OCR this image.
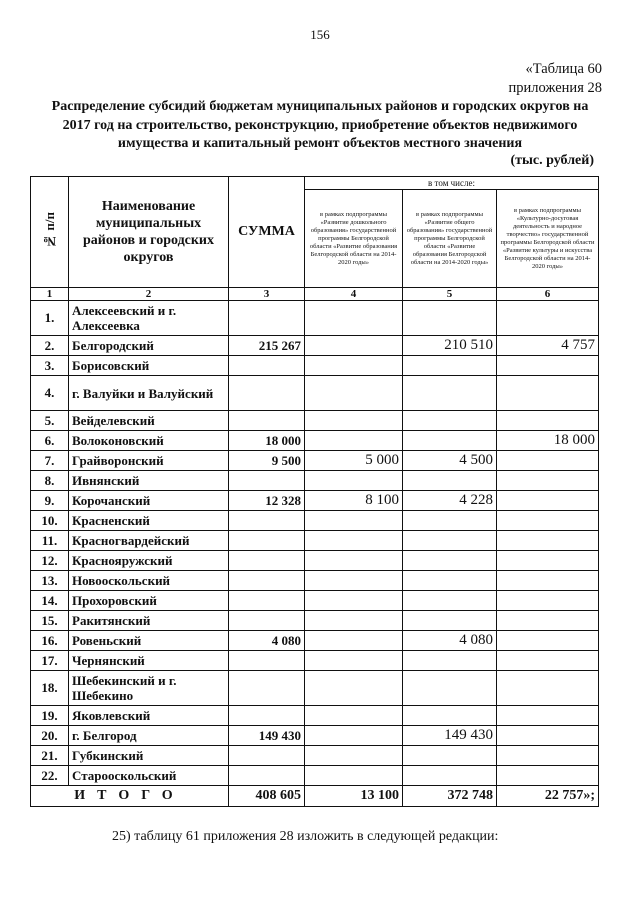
156
«Таблица 60
приложения 28
Распределение субсидий бюджетам муниципальных районов и городских округов на 2017 год на строительство, реконструкцию, приобретение объектов недвижимого имущества и капитальный ремонт объектов местного значения
(тыс. рублей)
№ п/п	Наименование муниципальных районов и городских округов	СУММА	в том числе:		
			в рамках подпрограммы «Развитие дошкольного образования» государственной программы Белгородской области «Развитие образования Белгородской области на 2014-2020 годы»	в рамках подпрограммы «Развитие общего образования» государственной программы Белгородской области «Развитие образования Белгородской области на 2014-2020 годы»	в рамках подпрограммы «Культурно-досуговая деятельность и народное творчество» государственной программы Белгородской области «Развитие культуры и искусства Белгородской области на 2014-2020 годы»
1	2	3	4	5	6
1.	Алексеевский и г. Алексеевка				
2.	Белгородский	215 267		210 510	4 757
3.	Борисовский				
4.	г. Валуйки и Валуйский				
5.	Вейделевский				
6.	Волоконовский	18 000			18 000
7.	Грайворонский	9 500	5 000	4 500	
8.	Ивнянский				
9.	Корочанский	12 328	8 100	4 228	
10.	Красненский				
11.	Красногвардейский				
12.	Краснояружский				
13.	Новооскольский				
14.	Прохоровский				
15.	Ракитянский				
16.	Ровеньский	4 080		4 080	
17.	Чернянский				
18.	Шебекинский и г. Шебекино				
19.	Яковлевский				
20.	г. Белгород	149 430		149 430	
21.	Губкинский				
22.	Старооскольский				
ИТОГО		408 605	13 100	372 748	22 757»;
25) таблицу 61 приложения 28 изложить в следующей редакции:
